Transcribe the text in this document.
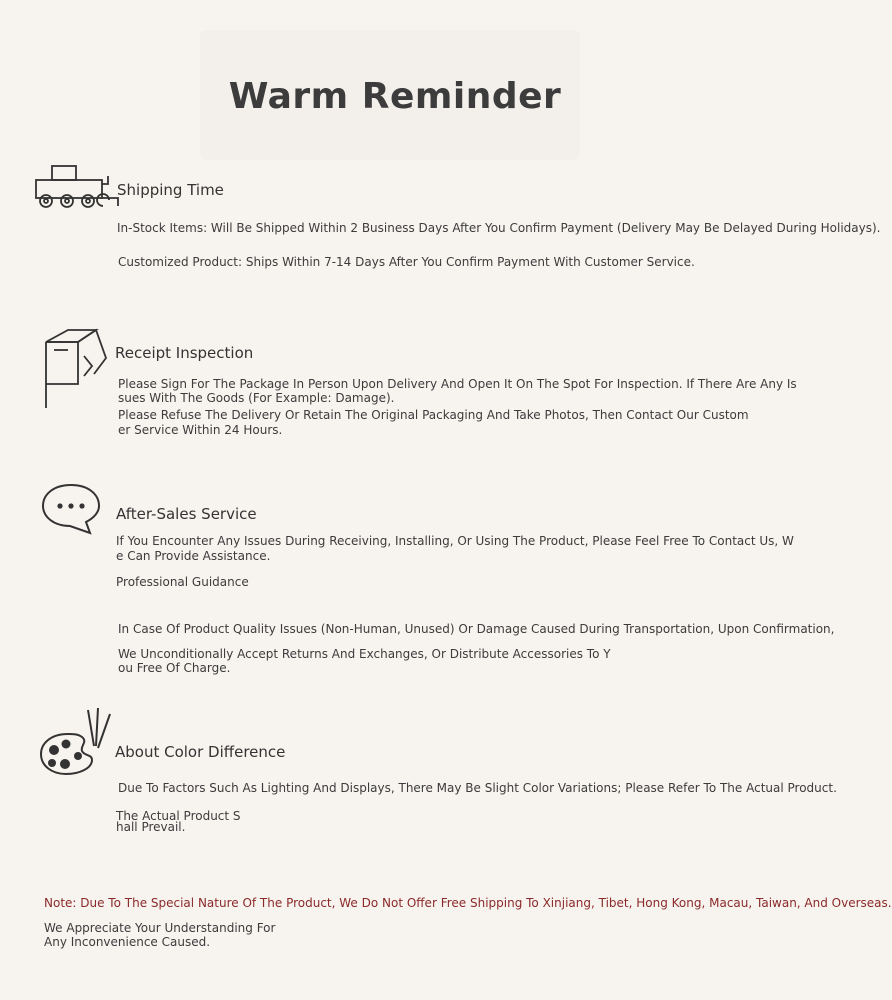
Warm Reminder
Shipping Time
In-Stock Items: Will Be Shipped Within 2 Business Days After You Confirm Payment (Delivery May Be Delayed During Holidays).
Customized Product: Ships Within 7-14 Days After You Confirm Payment With Customer Service.
Receipt Inspection
Please Sign For The Package In Person Upon Delivery And Open It On The Spot For Inspection. If There Are Any Is
sues With The Goods (For Example: Damage).
Please Refuse The Delivery Or Retain The Original Packaging And Take Photos, Then Contact Our Custom
er Service Within 24 Hours.
After-Sales Service
If You Encounter Any Issues During Receiving, Installing, Or Using The Product, Please Feel Free To Contact Us, W
e Can Provide Assistance.
Professional Guidance
In Case Of Product Quality Issues (Non-Human, Unused) Or Damage Caused During Transportation, Upon Confirmation,
We Unconditionally Accept Returns And Exchanges, Or Distribute Accessories To Y
ou Free Of Charge.
About Color Difference
Due To Factors Such As Lighting And Displays, There May Be Slight Color Variations; Please Refer To The Actual Product.
The Actual Product S
hall Prevail.
Note: Due To The Special Nature Of The Product, We Do Not Offer Free Shipping To Xinjiang, Tibet, Hong Kong, Macau, Taiwan, And Overseas.
We Appreciate Your Understanding For
Any Inconvenience Caused.
